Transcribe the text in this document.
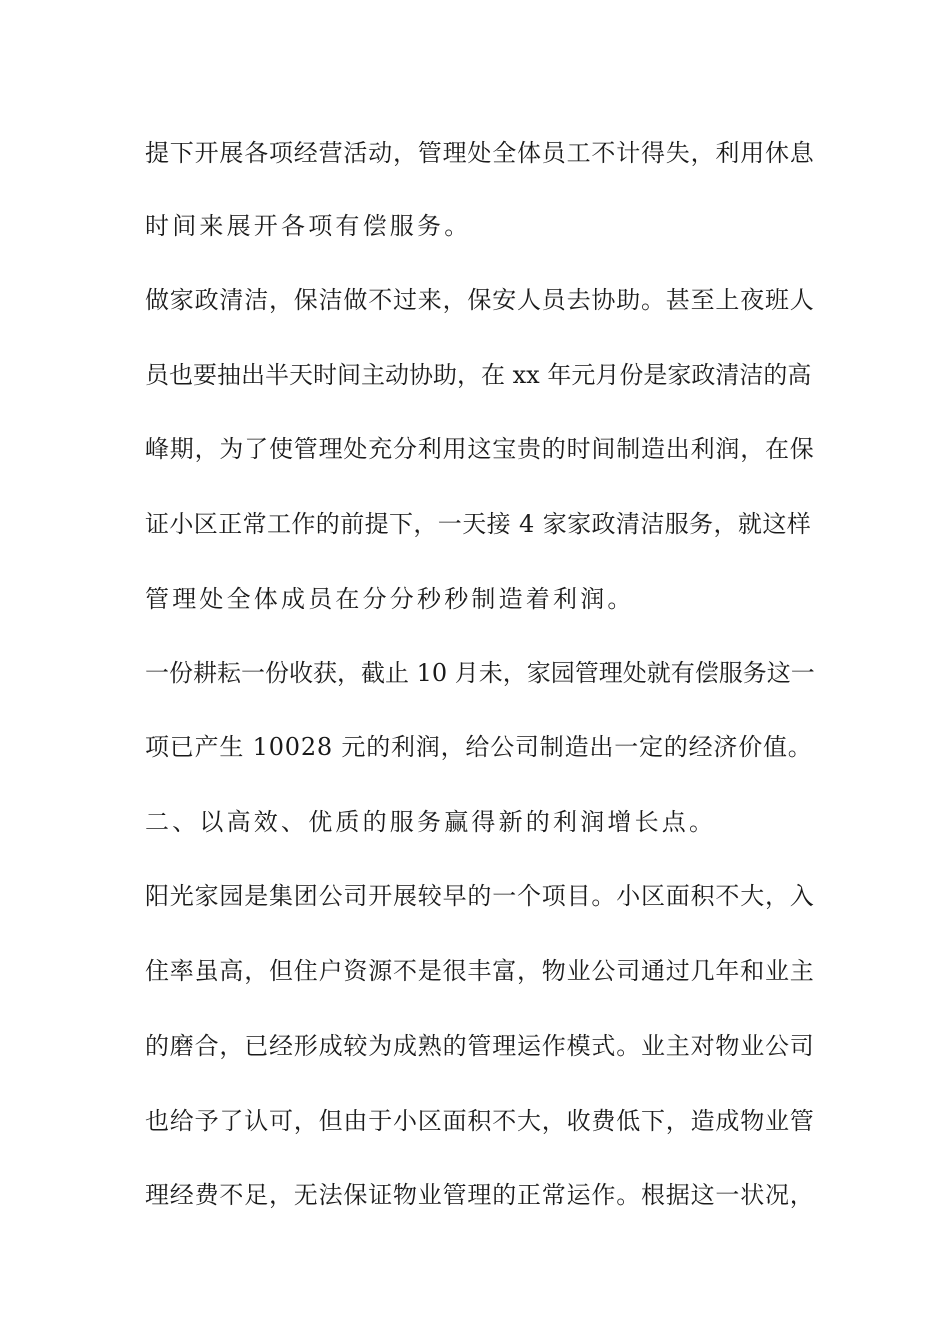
提下开展各项经营活动，管理处全体员工不计得失，利用休息
时间来展开各项有偿服务。
做家政清洁，保洁做不过来，保安人员去协助。甚至上夜班人
员也要抽出半天时间主动协助，在 xx 年元月份是家政清洁的高
峰期，为了使管理处充分利用这宝贵的时间制造出利润，在保
证小区正常工作的前提下，一天接 4 家家政清洁服务，就这样
管理处全体成员在分分秒秒制造着利润。
一份耕耘一份收获，截止 10 月未，家园管理处就有偿服务这一
项已产生 10028 元的利润，给公司制造出一定的经济价值。
二、以高效、优质的服务赢得新的利润增长点。
阳光家园是集团公司开展较早的一个项目。小区面积不大，入
住率虽高，但住户资源不是很丰富，物业公司通过几年和业主
的磨合，已经形成较为成熟的管理运作模式。业主对物业公司
也给予了认可，但由于小区面积不大，收费低下，造成物业管
理经费不足，无法保证物业管理的正常运作。根据这一状况，
